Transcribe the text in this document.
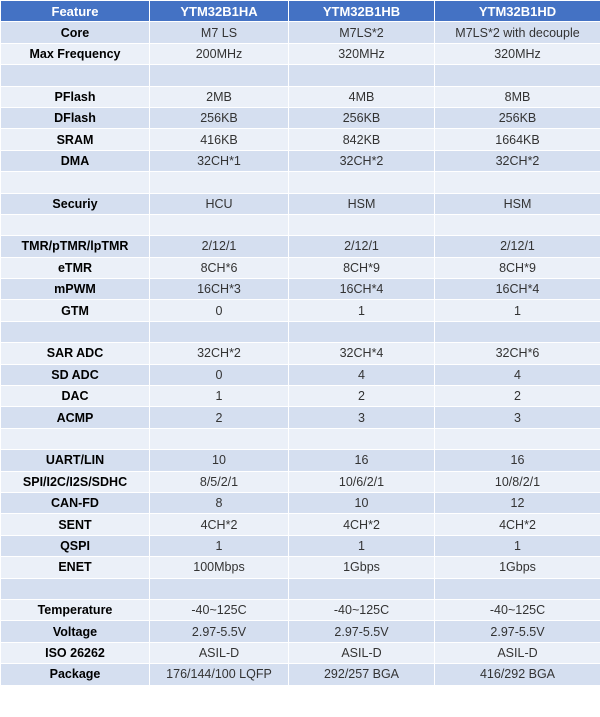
Feature	YTM32B1HA	YTM32B1HB	YTM32B1HD
Core	M7 LS	M7LS*2	M7LS*2 with decouple
Max Frequency	200MHz	320MHz	320MHz

PFlash	2MB	4MB	8MB
DFlash	256KB	256KB	256KB
SRAM	416KB	842KB	1664KB
DMA	32CH*1	32CH*2	32CH*2

Securiy	HCU	HSM	HSM

TMR/pTMR/lpTMR	2/12/1	2/12/1	2/12/1
eTMR	8CH*6	8CH*9	8CH*9
mPWM	16CH*3	16CH*4	16CH*4
GTM	0	1	1

SAR ADC	32CH*2	32CH*4	32CH*6
SD ADC	0	4	4
DAC	1	2	2
ACMP	2	3	3

UART/LIN	10	16	16
SPI/I2C/I2S/SDHC	8/5/2/1	10/6/2/1	10/8/2/1
CAN-FD	8	10	12
SENT	4CH*2	4CH*2	4CH*2
QSPI	1	1	1
ENET	100Mbps	1Gbps	1Gbps

Temperature	-40~125C	-40~125C	-40~125C
Voltage	2.97-5.5V	2.97-5.5V	2.97-5.5V
ISO 26262	ASIL-D	ASIL-D	ASIL-D
Package	176/144/100 LQFP	292/257 BGA	416/292 BGA
